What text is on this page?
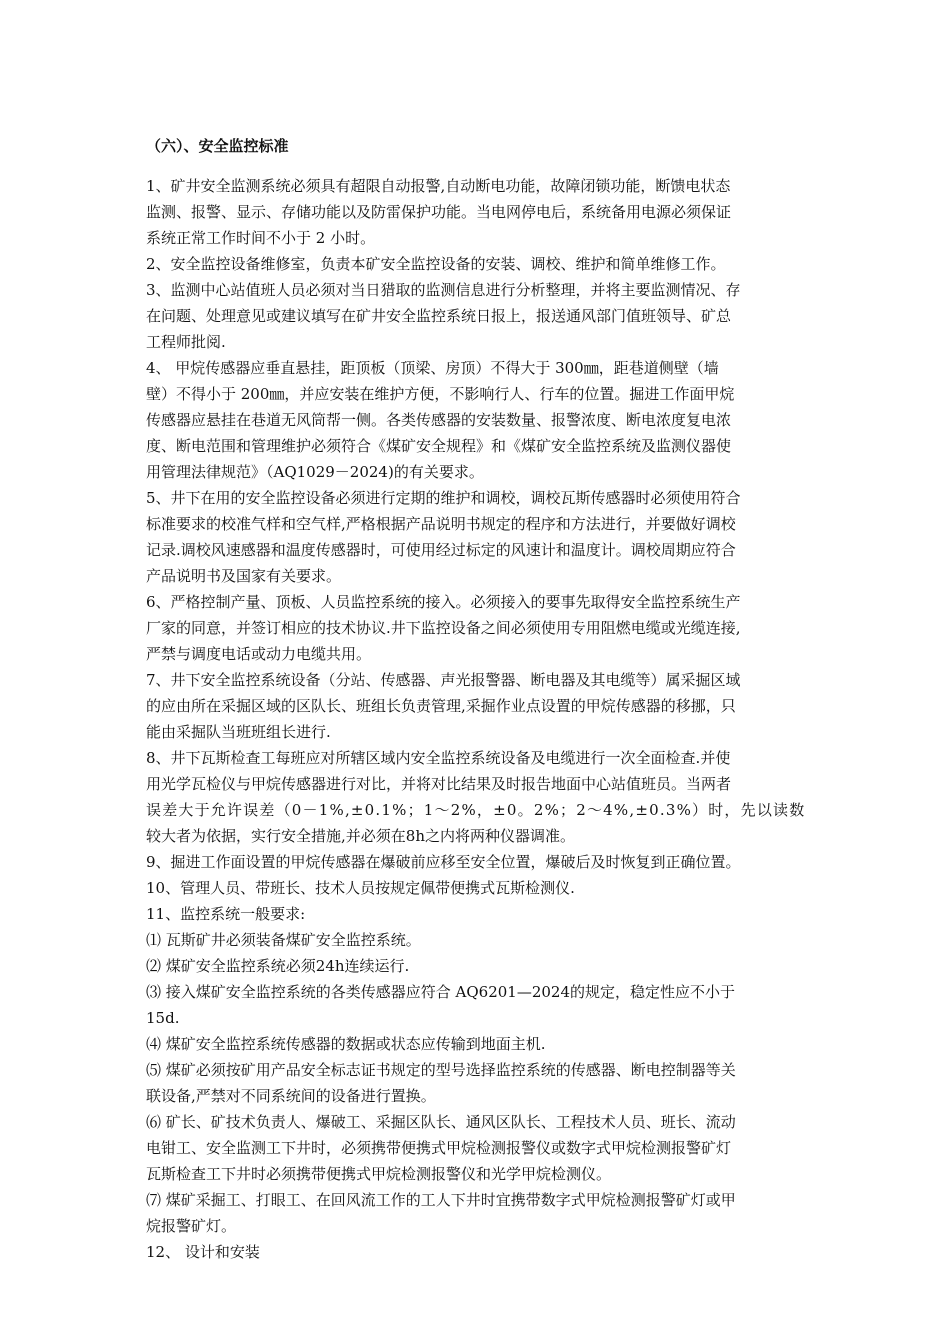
（六）、安全监控标准
1、矿井安全监测系统必须具有超限自动报警,自动断电功能，故障闭锁功能，断馈电状态
监测、报警、显示、存储功能以及防雷保护功能。当电网停电后，系统备用电源必须保证
系统正常工作时间不小于 2 小时。
2、安全监控设备维修室，负责本矿安全监控设备的安装、调校、维护和简单维修工作。
3、监测中心站值班人员必须对当日猎取的监测信息进行分析整理，并将主要监测情况、存
在问题、处理意见或建议填写在矿井安全监控系统日报上，报送通风部门值班领导、矿总
工程师批阅.
4、 甲烷传感器应垂直悬挂，距顶板（顶梁、房顶）不得大于 300㎜，距巷道侧壁（墙
壁）不得小于 200㎜，并应安装在维护方便，不影响行人、行车的位置。掘进工作面甲烷
传感器应悬挂在巷道无风筒帮一侧。各类传感器的安装数量、报警浓度、断电浓度复电浓
度、断电范围和管理维护必须符合《煤矿安全规程》和《煤矿安全监控系统及监测仪器使
用管理法律规范》（AQ1029－2024)的有关要求。
5、井下在用的安全监控设备必须进行定期的维护和调校，调校瓦斯传感器时必须使用符合
标准要求的校准气样和空气样,严格根据产品说明书规定的程序和方法进行，并要做好调校
记录.调校风速感器和温度传感器时，可使用经过标定的风速计和温度计。调校周期应符合
产品说明书及国家有关要求。
6、严格控制产量、顶板、人员监控系统的接入。必须接入的要事先取得安全监控系统生产
厂家的同意，并签订相应的技术协议.井下监控设备之间必须使用专用阻燃电缆或光缆连接,
严禁与调度电话或动力电缆共用。
7、井下安全监控系统设备（分站、传感器、声光报警器、断电器及其电缆等）属采掘区域
的应由所在采掘区域的区队长、班组长负责管理,采掘作业点设置的甲烷传感器的移挪，只
能由采掘队当班班组长进行.
8、井下瓦斯检查工每班应对所辖区域内安全监控系统设备及电缆进行一次全面检查.并使
用光学瓦检仪与甲烷传感器进行对比，并将对比结果及时报告地面中心站值班员。当两者
误差大于允许误差（0－1%,±0.1%；1～2%，±0。2%；2～4%,±0.3%）时，先以读数
较大者为依据，实行安全措施,并必须在8h之内将两种仪器调准。
9、掘进工作面设置的甲烷传感器在爆破前应移至安全位置，爆破后及时恢复到正确位置。
10、管理人员、带班长、技术人员按规定佩带便携式瓦斯检测仪.
11、监控系统一般要求:
⑴ 瓦斯矿井必须装备煤矿安全监控系统。
⑵ 煤矿安全监控系统必须24h连续运行.
⑶ 接入煤矿安全监控系统的各类传感器应符合 AQ6201—2024的规定，稳定性应不小于
15d.
⑷ 煤矿安全监控系统传感器的数据或状态应传输到地面主机.
⑸ 煤矿必须按矿用产品安全标志证书规定的型号选择监控系统的传感器、断电控制器等关
联设备,严禁对不同系统间的设备进行置换。
⑹ 矿长、矿技术负责人、爆破工、采掘区队长、通风区队长、工程技术人员、班长、流动
电钳工、安全监测工下井时，必须携带便携式甲烷检测报警仪或数字式甲烷检测报警矿灯
瓦斯检查工下井时必须携带便携式甲烷检测报警仪和光学甲烷检测仪。
⑺ 煤矿采掘工、打眼工、在回风流工作的工人下井时宜携带数字式甲烷检测报警矿灯或甲
烷报警矿灯。
12、 设计和安装
